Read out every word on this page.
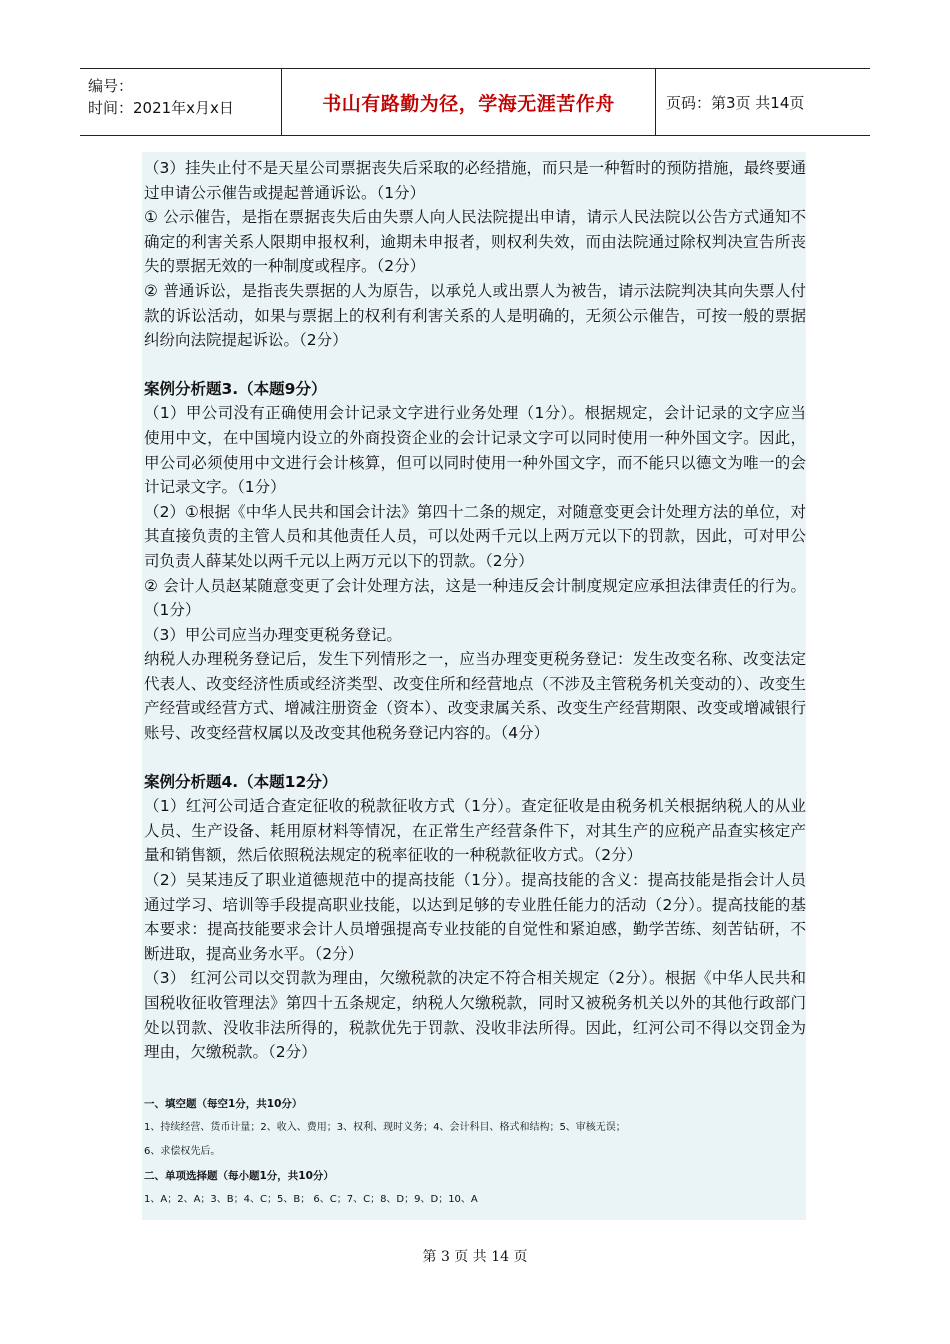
编号：
时间：2021年x月x日	书山有路勤为径，学海无涯苦作舟	页码：第3页 共14页

（3）挂失止付不是天星公司票据丧失后采取的必经措施，而只是一种暂时的预防措施，最终要通过申请公示催告或提起普通诉讼。（1分）

① 公示催告，是指在票据丧失后由失票人向人民法院提出申请，请示人民法院以公告方式通知不确定的利害关系人限期申报权利，逾期未申报者，则权利失效，而由法院通过除权判决宣告所丧失的票据无效的一种制度或程序。（2分）

② 普通诉讼，是指丧失票据的人为原告，以承兑人或出票人为被告，请示法院判决其向失票人付款的诉讼活动，如果与票据上的权利有利害关系的人是明确的，无须公示催告，可按一般的票据纠纷向法院提起诉讼。（2分）

案例分析题3.（本题9分）

（1）甲公司没有正确使用会计记录文字进行业务处理（1分）。根据规定，会计记录的文字应当使用中文，在中国境内设立的外商投资企业的会计记录文字可以同时使用一种外国文字。因此，甲公司必须使用中文进行会计核算，但可以同时使用一种外国文字，而不能只以德文为唯一的会计记录文字。（1分）

（2）①根据《中华人民共和国会计法》第四十二条的规定，对随意变更会计处理方法的单位，对其直接负责的主管人员和其他责任人员，可以处两千元以上两万元以下的罚款，因此，可对甲公司负责人薛某处以两千元以上两万元以下的罚款。（2分）

② 会计人员赵某随意变更了会计处理方法，这是一种违反会计制度规定应承担法律责任的行为。（1分）

（3）甲公司应当办理变更税务登记。

纳税人办理税务登记后，发生下列情形之一，应当办理变更税务登记：发生改变名称、改变法定代表人、改变经济性质或经济类型、改变住所和经营地点（不涉及主管税务机关变动的）、改变生产经营或经营方式、增减注册资金（资本）、改变隶属关系、改变生产经营期限、改变或增减银行账号、改变经营权属以及改变其他税务登记内容的。（4分）

案例分析题4.（本题12分）

（1）红河公司适合查定征收的税款征收方式（1分）。查定征收是由税务机关根据纳税人的从业人员、生产设备、耗用原材料等情况，在正常生产经营条件下，对其生产的应税产品查实核定产量和销售额，然后依照税法规定的税率征收的一种税款征收方式。（2分）

（2）吴某违反了职业道德规范中的提高技能（1分）。提高技能的含义：提高技能是指会计人员通过学习、培训等手段提高职业技能，以达到足够的专业胜任能力的活动（2分）。提高技能的基本要求：提高技能要求会计人员增强提高专业技能的自觉性和紧迫感，勤学苦练、刻苦钻研，不断进取，提高业务水平。（2分）

（3） 红河公司以交罚款为理由，欠缴税款的决定不符合相关规定（2分）。根据《中华人民共和国税收征收管理法》第四十五条规定，纳税人欠缴税款，同时又被税务机关以外的其他行政部门处以罚款、没收非法所得的，税款优先于罚款、没收非法所得。因此，红河公司不得以交罚金为理由，欠缴税款。（2分）

一、填空题（每空1分，共10分）

1、持续经营、货币计量；2、收入、费用；3、权利、现时义务；4、会计科目、格式和结构；5、审核无误；

6、求偿权先后。

二、单项选择题（每小题1分，共10分）

1、A；2、A；3、B；4、C；5、B； 6、C；7、C；8、D；9、D；10、A

第 3 页 共 14 页
